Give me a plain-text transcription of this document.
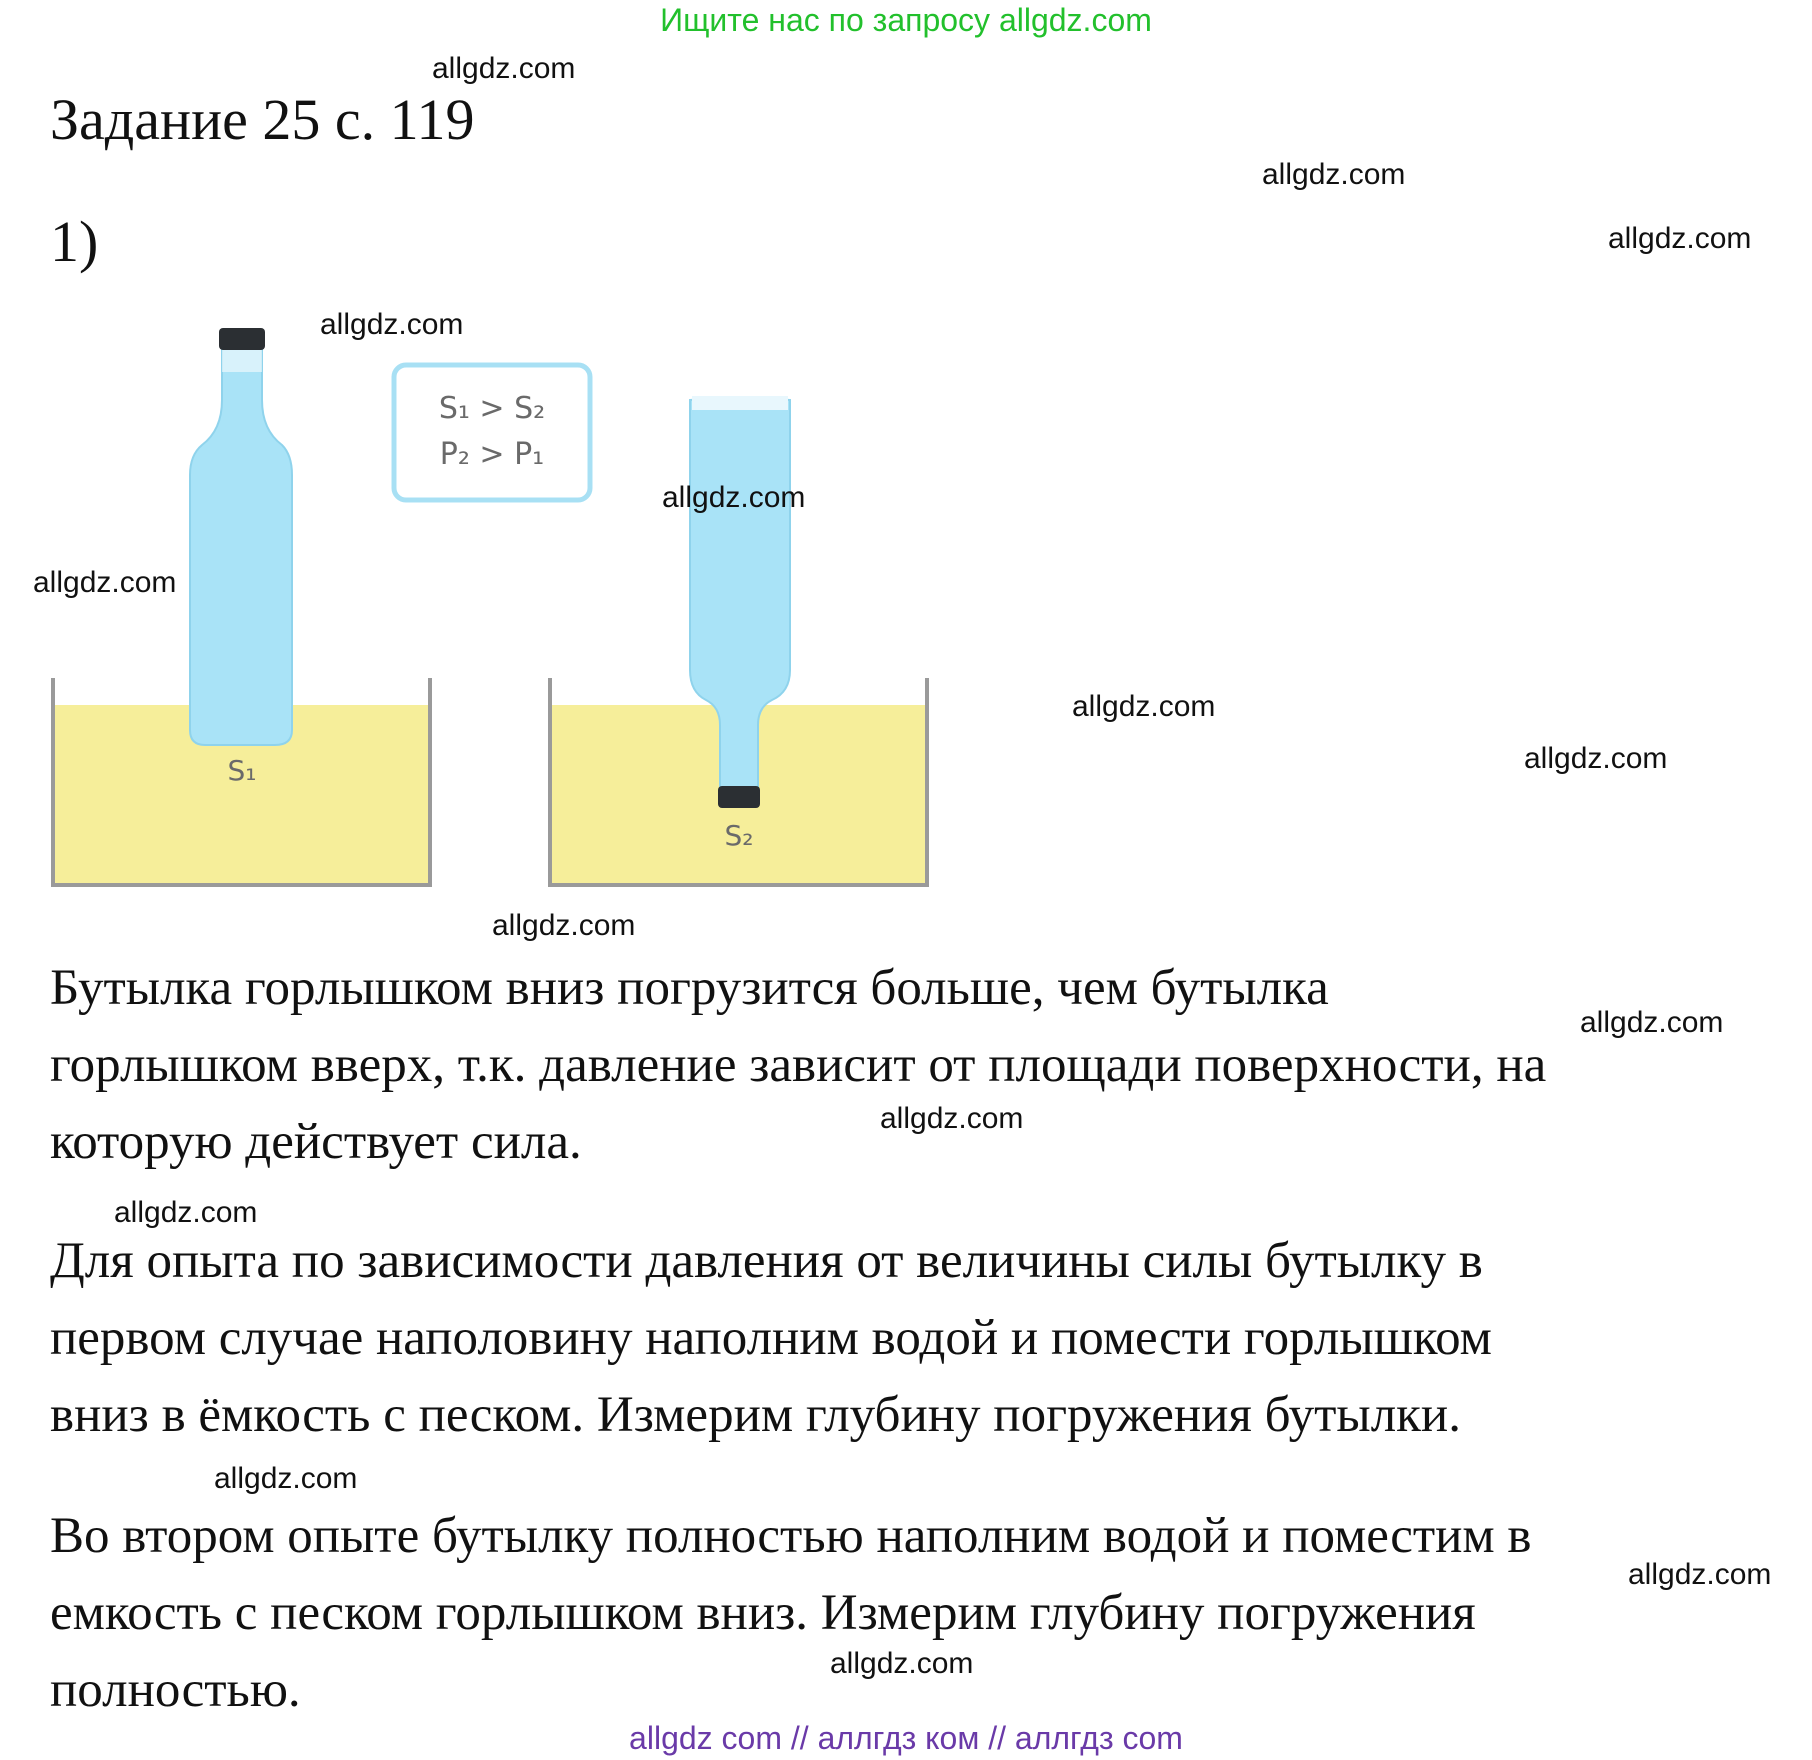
Ищите нас по запросу allgdz.com
Задание 25 с. 119
1)
S₁ > S₂
P₂ > P₁
S₁
S₂
Бутылка горлышком вниз погрузится больше, чем бутылка
горлышком вверх, т.к. давление зависит от площади поверхности, на
которую действует сила.
Для опыта по зависимости давления от величины силы бутылку в
первом случае наполовину наполним водой и помести горлышком
вниз в ёмкость с песком. Измерим глубину погружения бутылки.
Во втором опыте бутылку полностью наполним водой и поместим в
емкость с песком горлышком вниз. Измерим глубину погружения
полностью.
allgdz.com
allgdz.com
allgdz.com
allgdz.com
allgdz.com
allgdz.com
allgdz.com
allgdz.com
allgdz.com
allgdz.com
allgdz.com
allgdz.com
allgdz.com
allgdz.com
allgdz.com
allgdz com // аллгдз ком // аллгдз com
